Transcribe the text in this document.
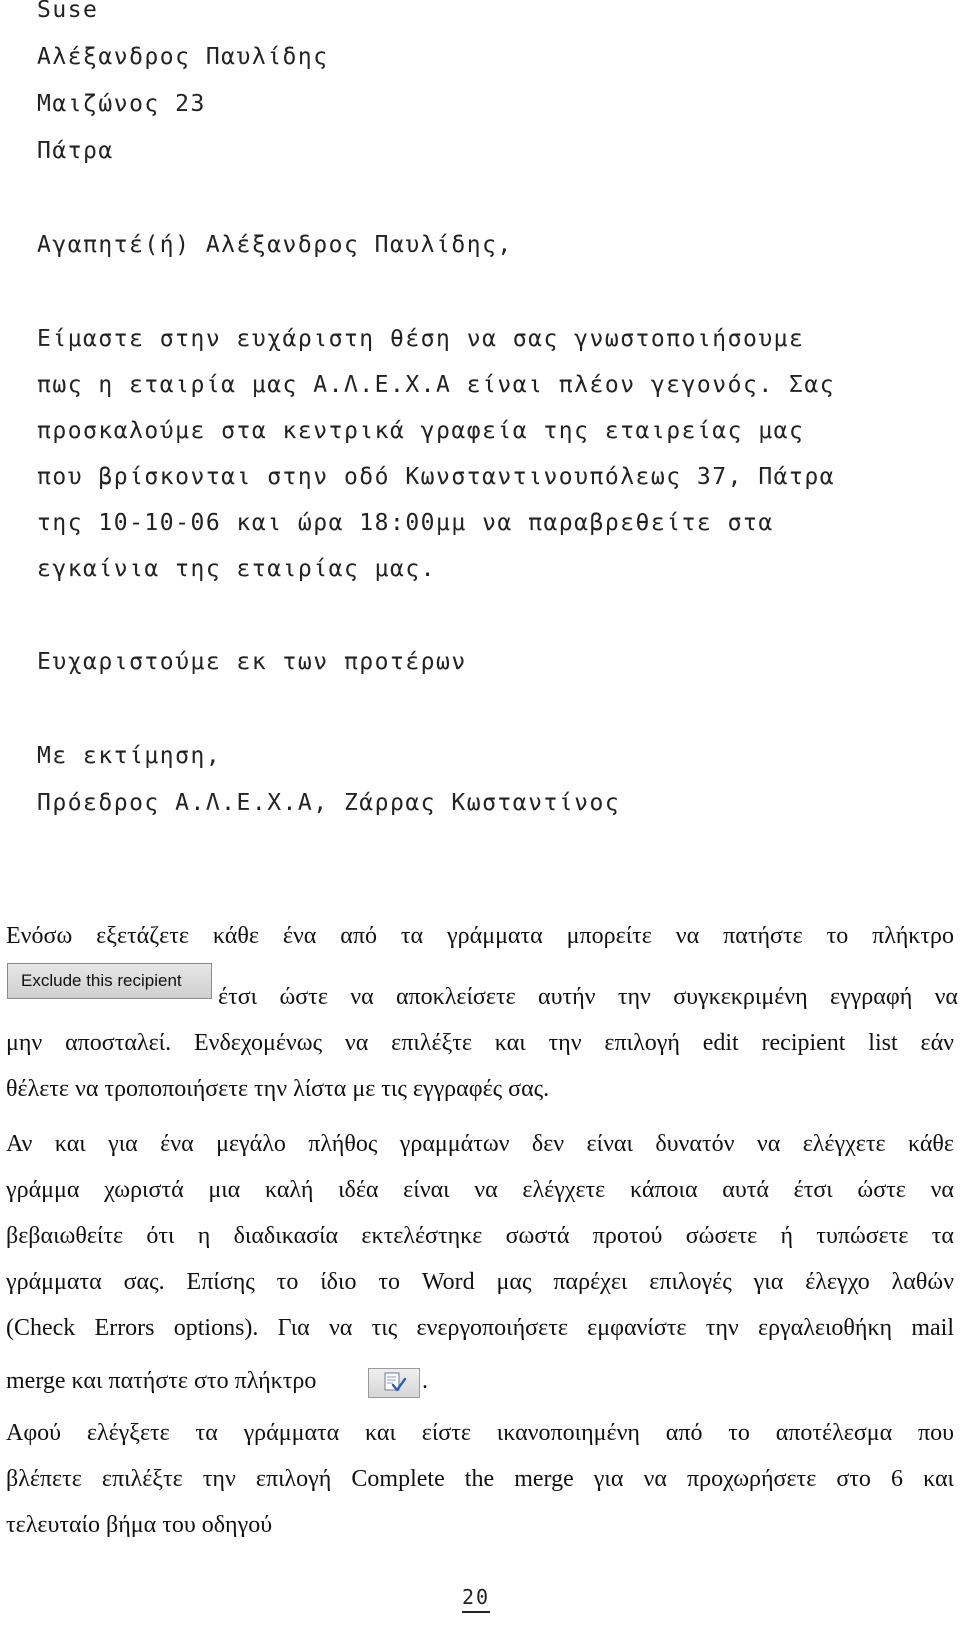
Suse
Αλέξανδρος Παυλίδης
Μαιζώνος 23
Πάτρα
Αγαπητέ(ή) Αλέξανδρος Παυλίδης,
Είμαστε στην ευχάριστη θέση να σας γνωστοποιήσουμε
πως η εταιρία μας Α.Λ.Ε.Χ.Α είναι πλέον γεγονός. Σας
προσκαλούμε στα κεντρικά γραφεία της εταιρείας μας
που βρίσκονται στην οδό Κωνσταντινουπόλεως 37, Πάτρα
της 10-10-06 και ώρα 18:00μμ να παραβρεθείτε στα
εγκαίνια της εταιρίας μας.
Ευχαριστούμε εκ των προτέρων
Με εκτίμηση,
Πρόεδρος Α.Λ.Ε.Χ.Α, Ζάρρας Κωσταντίνος
Ενόσω εξετάζετε κάθε ένα από τα γράμματα μπορείτε να πατήστε το πλήκτρο
έτσι ώστε να αποκλείσετε αυτήν την συγκεκριμένη εγγραφή να
μην αποσταλεί. Ενδεχομένως να επιλέξτε και την επιλογή edit recipient list εάν
θέλετε να τροποποιήσετε την λίστα με τις εγγραφές σας.
Αν και για ένα μεγάλο πλήθος γραμμάτων δεν είναι δυνατόν να ελέγχετε κάθε
γράμμα χωριστά μια καλή ιδέα είναι να ελέγχετε κάποια αυτά έτσι ώστε να
βεβαιωθείτε ότι η διαδικασία εκτελέστηκε σωστά προτού σώσετε ή τυπώσετε τα
γράμματα σας. Επίσης το ίδιο το Word μας παρέχει επιλογές για έλεγχο λαθών
(Check Errors options). Για να τις ενεργοποιήσετε εμφανίστε την εργαλειοθήκη mail
merge και πατήστε στο πλήκτρο	.
Αφού ελέγξετε τα γράμματα και είστε ικανοποιημένη από το αποτέλεσμα που
βλέπετε επιλέξτε την επιλογή Complete the merge για να προχωρήσετε στο 6 και
τελευταίο βήμα του οδηγού
Exclude this recipient
20
